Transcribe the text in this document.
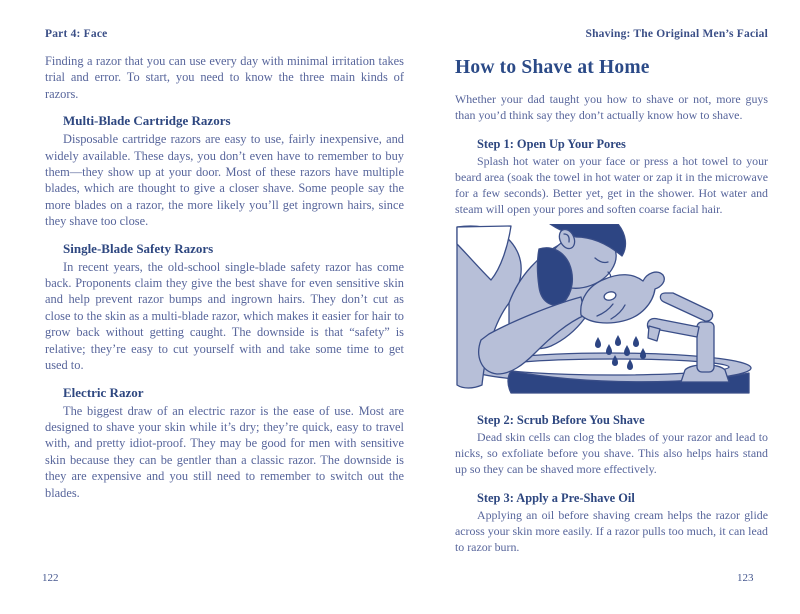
Part 4: Face

Finding a razor that you can use every day with minimal irritation takes trial and error. To start, you need to know the three main kinds of razors.

Multi-Blade Cartridge Razors

Disposable cartridge razors are easy to use, fairly inexpensive, and widely available. These days, you don’t even have to remember to buy them—they show up at your door. Most of these razors have multiple blades, which are thought to give a closer shave. Some people say the more blades on a razor, the more likely you’ll get ingrown hairs, since they shave too close.

Single-Blade Safety Razors

In recent years, the old-school single-blade safety razor has come back. Proponents claim they give the best shave for even sensitive skin and help prevent razor bumps and ingrown hairs. They don’t cut as close to the skin as a multi-blade razor, which makes it easier for hair to grow back without getting caught. The downside is that “safety” is relative; they’re easy to cut yourself with and take some time to get used to.

Electric Razor

The biggest draw of an electric razor is the ease of use. Most are designed to shave your skin while it’s dry; they’re quick, easy to travel with, and pretty idiot-proof. They may be good for men with sensitive skin because they can be gentler than a classic razor. The downside is they are expensive and you still need to remember to switch out the blades.

Shaving: The Original Men’s Facial
How to Shave at Home

Whether your dad taught you how to shave or not, more guys than you’d think say they don’t actually know how to shave.

Step 1: Open Up Your Pores

Splash hot water on your face or press a hot towel to your beard area (soak the towel in hot water or zap it in the microwave for a few seconds). Better yet, get in the shower. Hot water and steam will open your pores and soften coarse facial hair.

Step 2: Scrub Before You Shave

Dead skin cells can clog the blades of your razor and lead to nicks, so exfoliate before you shave. This also helps hairs stand up so they can be shaved more effectively.

Step 3: Apply a Pre-Shave Oil

Applying an oil before shaving cream helps the razor glide across your skin more easily. If a razor pulls too much, it can lead to razor burn.

122	123
